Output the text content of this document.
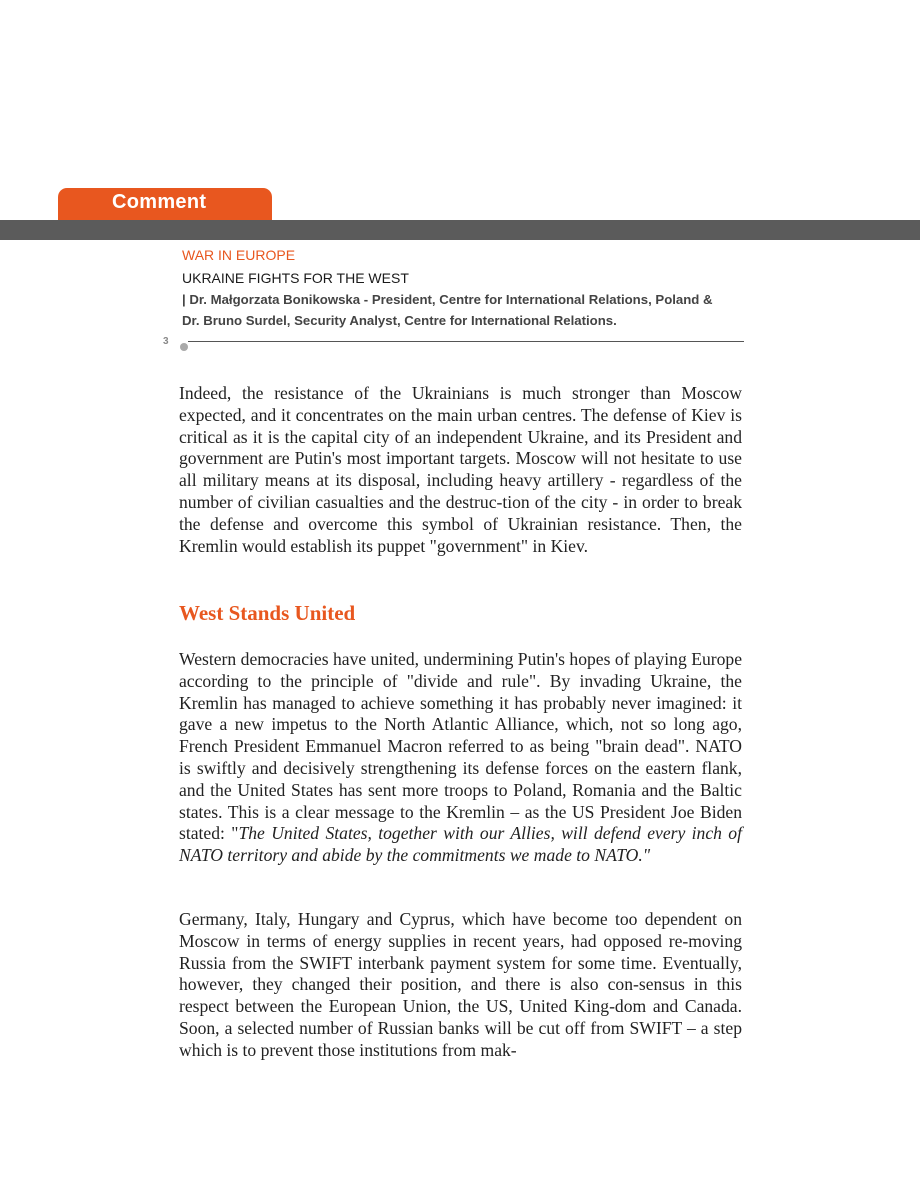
Comment
WAR IN EUROPE
UKRAINE FIGHTS FOR THE WEST
| Dr. Małgorzata Bonikowska - President, Centre for International Relations, Poland &
Dr. Bruno Surdel, Security Analyst, Centre for International Relations.
3

Indeed, the resistance of the Ukrainians is much stronger than Moscow expected, and it concentrates on the main urban centres. The defense of Kiev is critical as it is the capital city of an independent Ukraine, and its President and government are Putin's most important targets. Moscow will not hesitate to use all military means at its disposal, including heavy artillery - regardless of the number of civilian casualties and the destruc-tion of the city - in order to break the defense and overcome this symbol of Ukrainian resistance. Then, the Kremlin would establish its puppet "government" in Kiev.

West Stands United

Western democracies have united, undermining Putin's hopes of playing Europe according to the principle of "divide and rule". By invading Ukraine, the Kremlin has managed to achieve something it has probably never imagined: it gave a new impetus to the North Atlantic Alliance, which, not so long ago, French President Emmanuel Macron referred to as being "brain dead". NATO is swiftly and decisively strengthening its defense forces on the eastern flank, and the United States has sent more troops to Poland, Romania and the Baltic states. This is a clear message to the Kremlin – as the US President Joe Biden stated: "The United States, together with our Allies, will defend every inch of NATO territory and abide by the commitments we made to NATO."

Germany, Italy, Hungary and Cyprus, which have become too dependent on Moscow in terms of energy supplies in recent years, had opposed re-moving Russia from the SWIFT interbank payment system for some time. Eventually, however, they changed their position, and there is also con-sensus in this respect between the European Union, the US, United King-dom and Canada. Soon, a selected number of Russian banks will be cut off from SWIFT – a step which is to prevent those institutions from mak-
